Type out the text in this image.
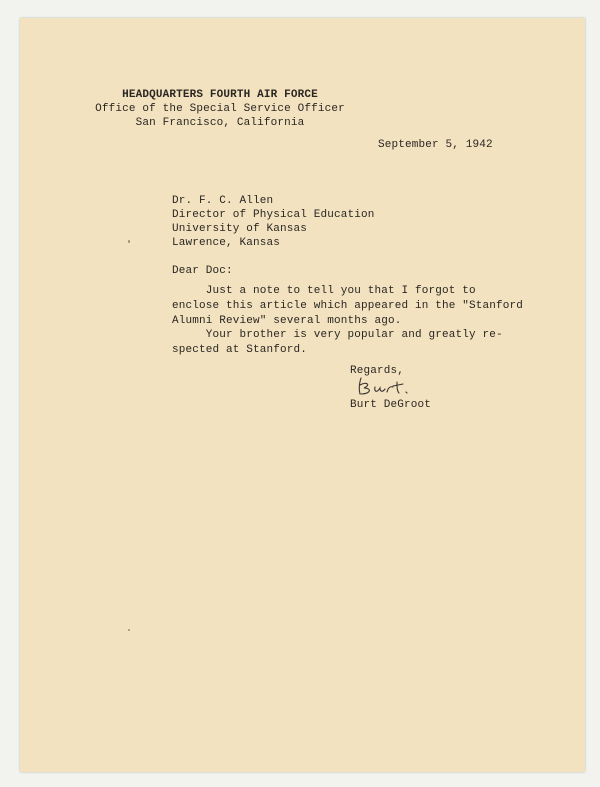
HEADQUARTERS FOURTH AIR FORCE
Office of the Special Service Officer
San Francisco, California
September 5, 1942
Dr. F. C. Allen
Director of Physical Education
University of Kansas
Lawrence, Kansas
Dear Doc:
Just a note to tell you that I forgot to
enclose this article which appeared in the "Stanford
Alumni Review" several months ago.
Your brother is very popular and greatly re-
spected at Stanford.
Regards,
Burt DeGroot
